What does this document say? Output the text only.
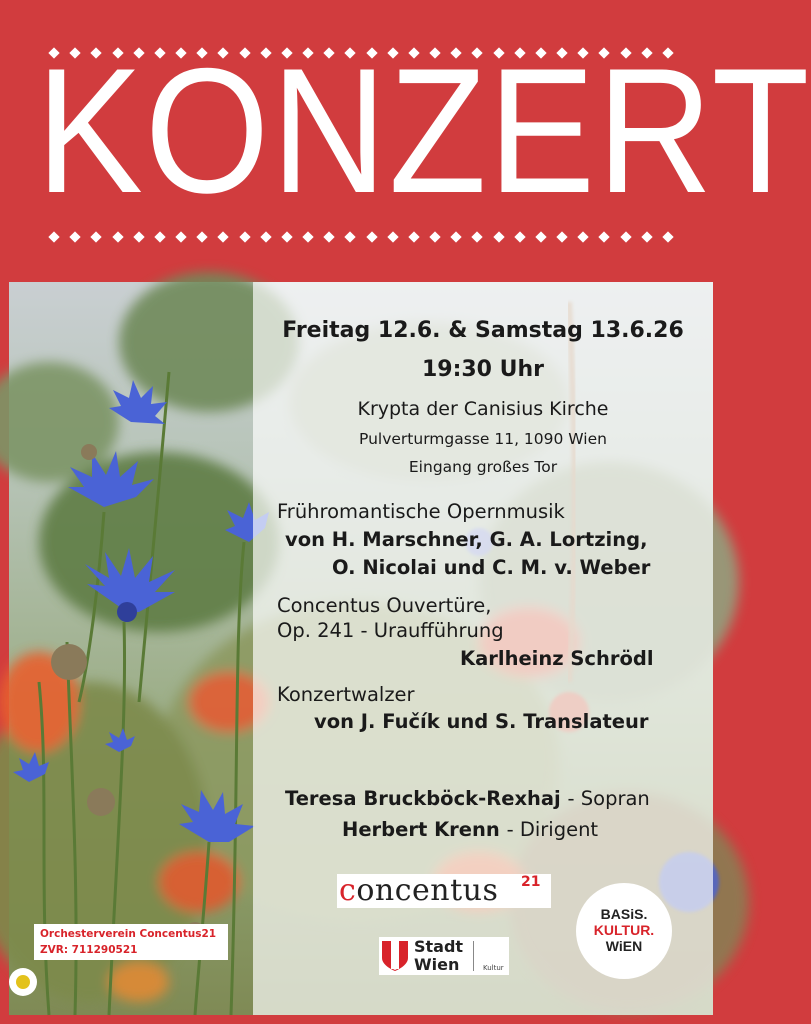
KONZERT
Freitag 12.6. & Samstag 13.6.26
19:30 Uhr
Krypta der Canisius Kirche
Pulverturmgasse 11, 1090 Wien
Eingang großes Tor
Frühromantische Opernmusik
von H. Marschner, G. A. Lortzing,
O. Nicolai und C. M. v. Weber
Concentus Ouvertüre,
Op. 241 - Uraufführung
Karlheinz Schrödl
Konzertwalzer
von J. Fučík und S. Translateur
Teresa Bruckböck-Rexhaj - Sopran
Herbert Krenn - Dirigent
Orchesterverein Concentus21
ZVR: 711290521
concentus 21
Stadt
Wien	Kultur
BASiS.
KULTUR.
WiEN
